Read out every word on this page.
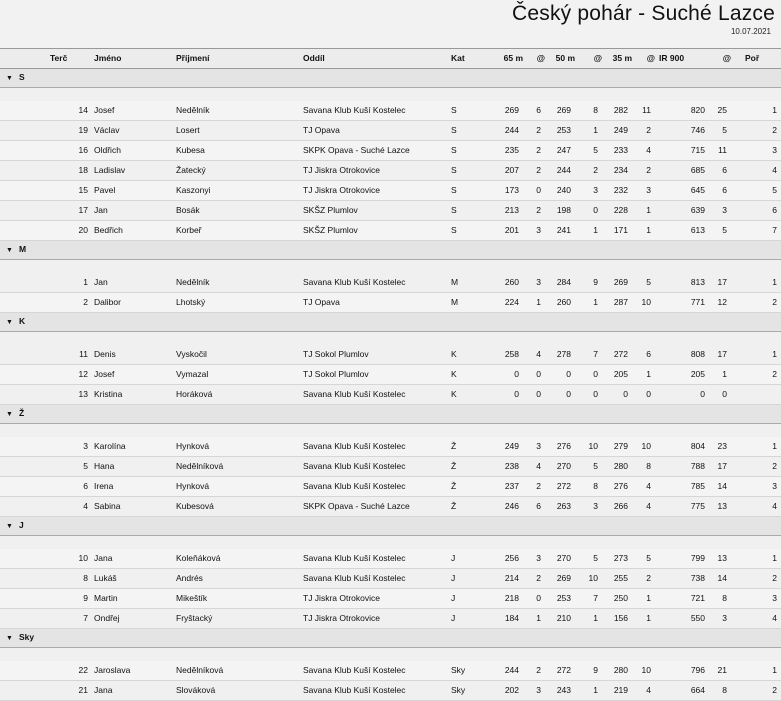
Český pohár - Suché Lazce
10.07.2021
	Terč	Jméno	Příjmení	Oddíl	Kat	65 m	@	50 m	@	35 m	@	IR 900	@	Poř
▼ S														

	14	Josef	Nedělník	Savana Klub Kuší Kostelec	S	269	6	269	8	282	11	820	25	1
	19	Václav	Losert	TJ Opava	S	244	2	253	1	249	2	746	5	2
	16	Oldřich	Kubesa	SKPK Opava - Suché Lazce	S	235	2	247	5	233	4	715	11	3
	18	Ladislav	Žatecký	TJ Jiskra Otrokovice	S	207	2	244	2	234	2	685	6	4
	15	Pavel	Kaszonyi	TJ Jiskra Otrokovice	S	173	0	240	3	232	3	645	6	5
	17	Jan	Bosák	SKŠZ Plumlov	S	213	2	198	0	228	1	639	3	6
	20	Bedřich	Korbeř	SKŠZ Plumlov	S	201	3	241	1	171	1	613	5	7
▼ M														

	1	Jan	Nedělník	Savana Klub Kuší Kostelec	M	260	3	284	9	269	5	813	17	1
	2	Dalibor	Lhotský	TJ Opava	M	224	1	260	1	287	10	771	12	2
▼ K														

	11	Denis	Vyskočil	TJ Sokol Plumlov	K	258	4	278	7	272	6	808	17	1
	12	Josef	Vymazal	TJ Sokol Plumlov	K	0	0	0	0	205	1	205	1	2
	13	Kristina	Horáková	Savana Klub Kuší Kostelec	K	0	0	0	0	0	0	0	0	
▼ Ž														

	3	Karolína	Hynková	Savana Klub Kuší Kostelec	Ž	249	3	276	10	279	10	804	23	1
	5	Hana	Nedělníková	Savana Klub Kuší Kostelec	Ž	238	4	270	5	280	8	788	17	2
	6	Irena	Hynková	Savana Klub Kuší Kostelec	Ž	237	2	272	8	276	4	785	14	3
	4	Sabina	Kubesová	SKPK Opava - Suché Lazce	Ž	246	6	263	3	266	4	775	13	4
▼ J														

	10	Jana	Koleňáková	Savana Klub Kuší Kostelec	J	256	3	270	5	273	5	799	13	1
	8	Lukáš	Andrés	Savana Klub Kuší Kostelec	J	214	2	269	10	255	2	738	14	2
	9	Martin	Mikeštík	TJ Jiskra Otrokovice	J	218	0	253	7	250	1	721	8	3
	7	Ondřej	Fryštacký	TJ Jiskra Otrokovice	J	184	1	210	1	156	1	550	3	4
▼ Sky														

	22	Jaroslava	Nedělníková	Savana Klub Kuší Kostelec	Sky	244	2	272	9	280	10	796	21	1
	21	Jana	Slováková	Savana Klub Kuší Kostelec	Sky	202	3	243	1	219	4	664	8	2
